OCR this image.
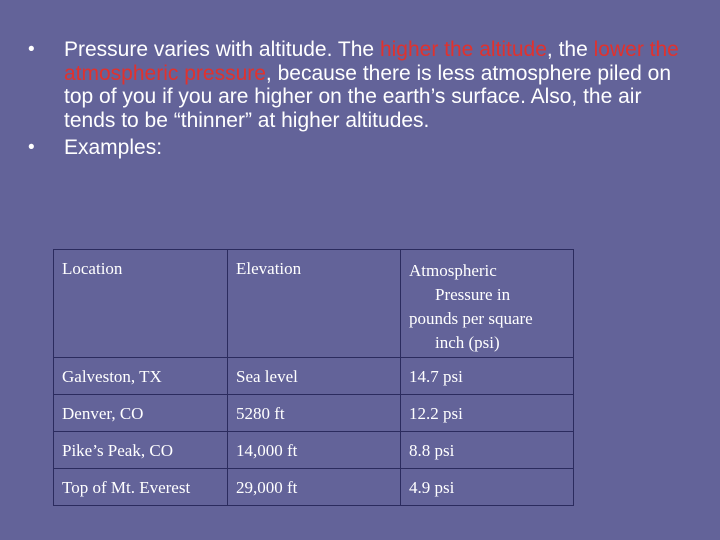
•	Pressure varies with altitude. The higher the altitude, the lower the atmospheric pressure, because there is less atmosphere piled on top of you if you are higher on the earth’s surface. Also, the air tends to be “thinner” at higher altitudes.
•	Examples:
Location	Elevation	Atmospheric
Pressure in
pounds per square
inch (psi)

Galveston, TX	Sea level	14.7 psi
Denver, CO	5280 ft	12.2 psi
Pike’s Peak, CO	14,000 ft	8.8 psi
Top of Mt. Everest	29,000 ft	4.9 psi
